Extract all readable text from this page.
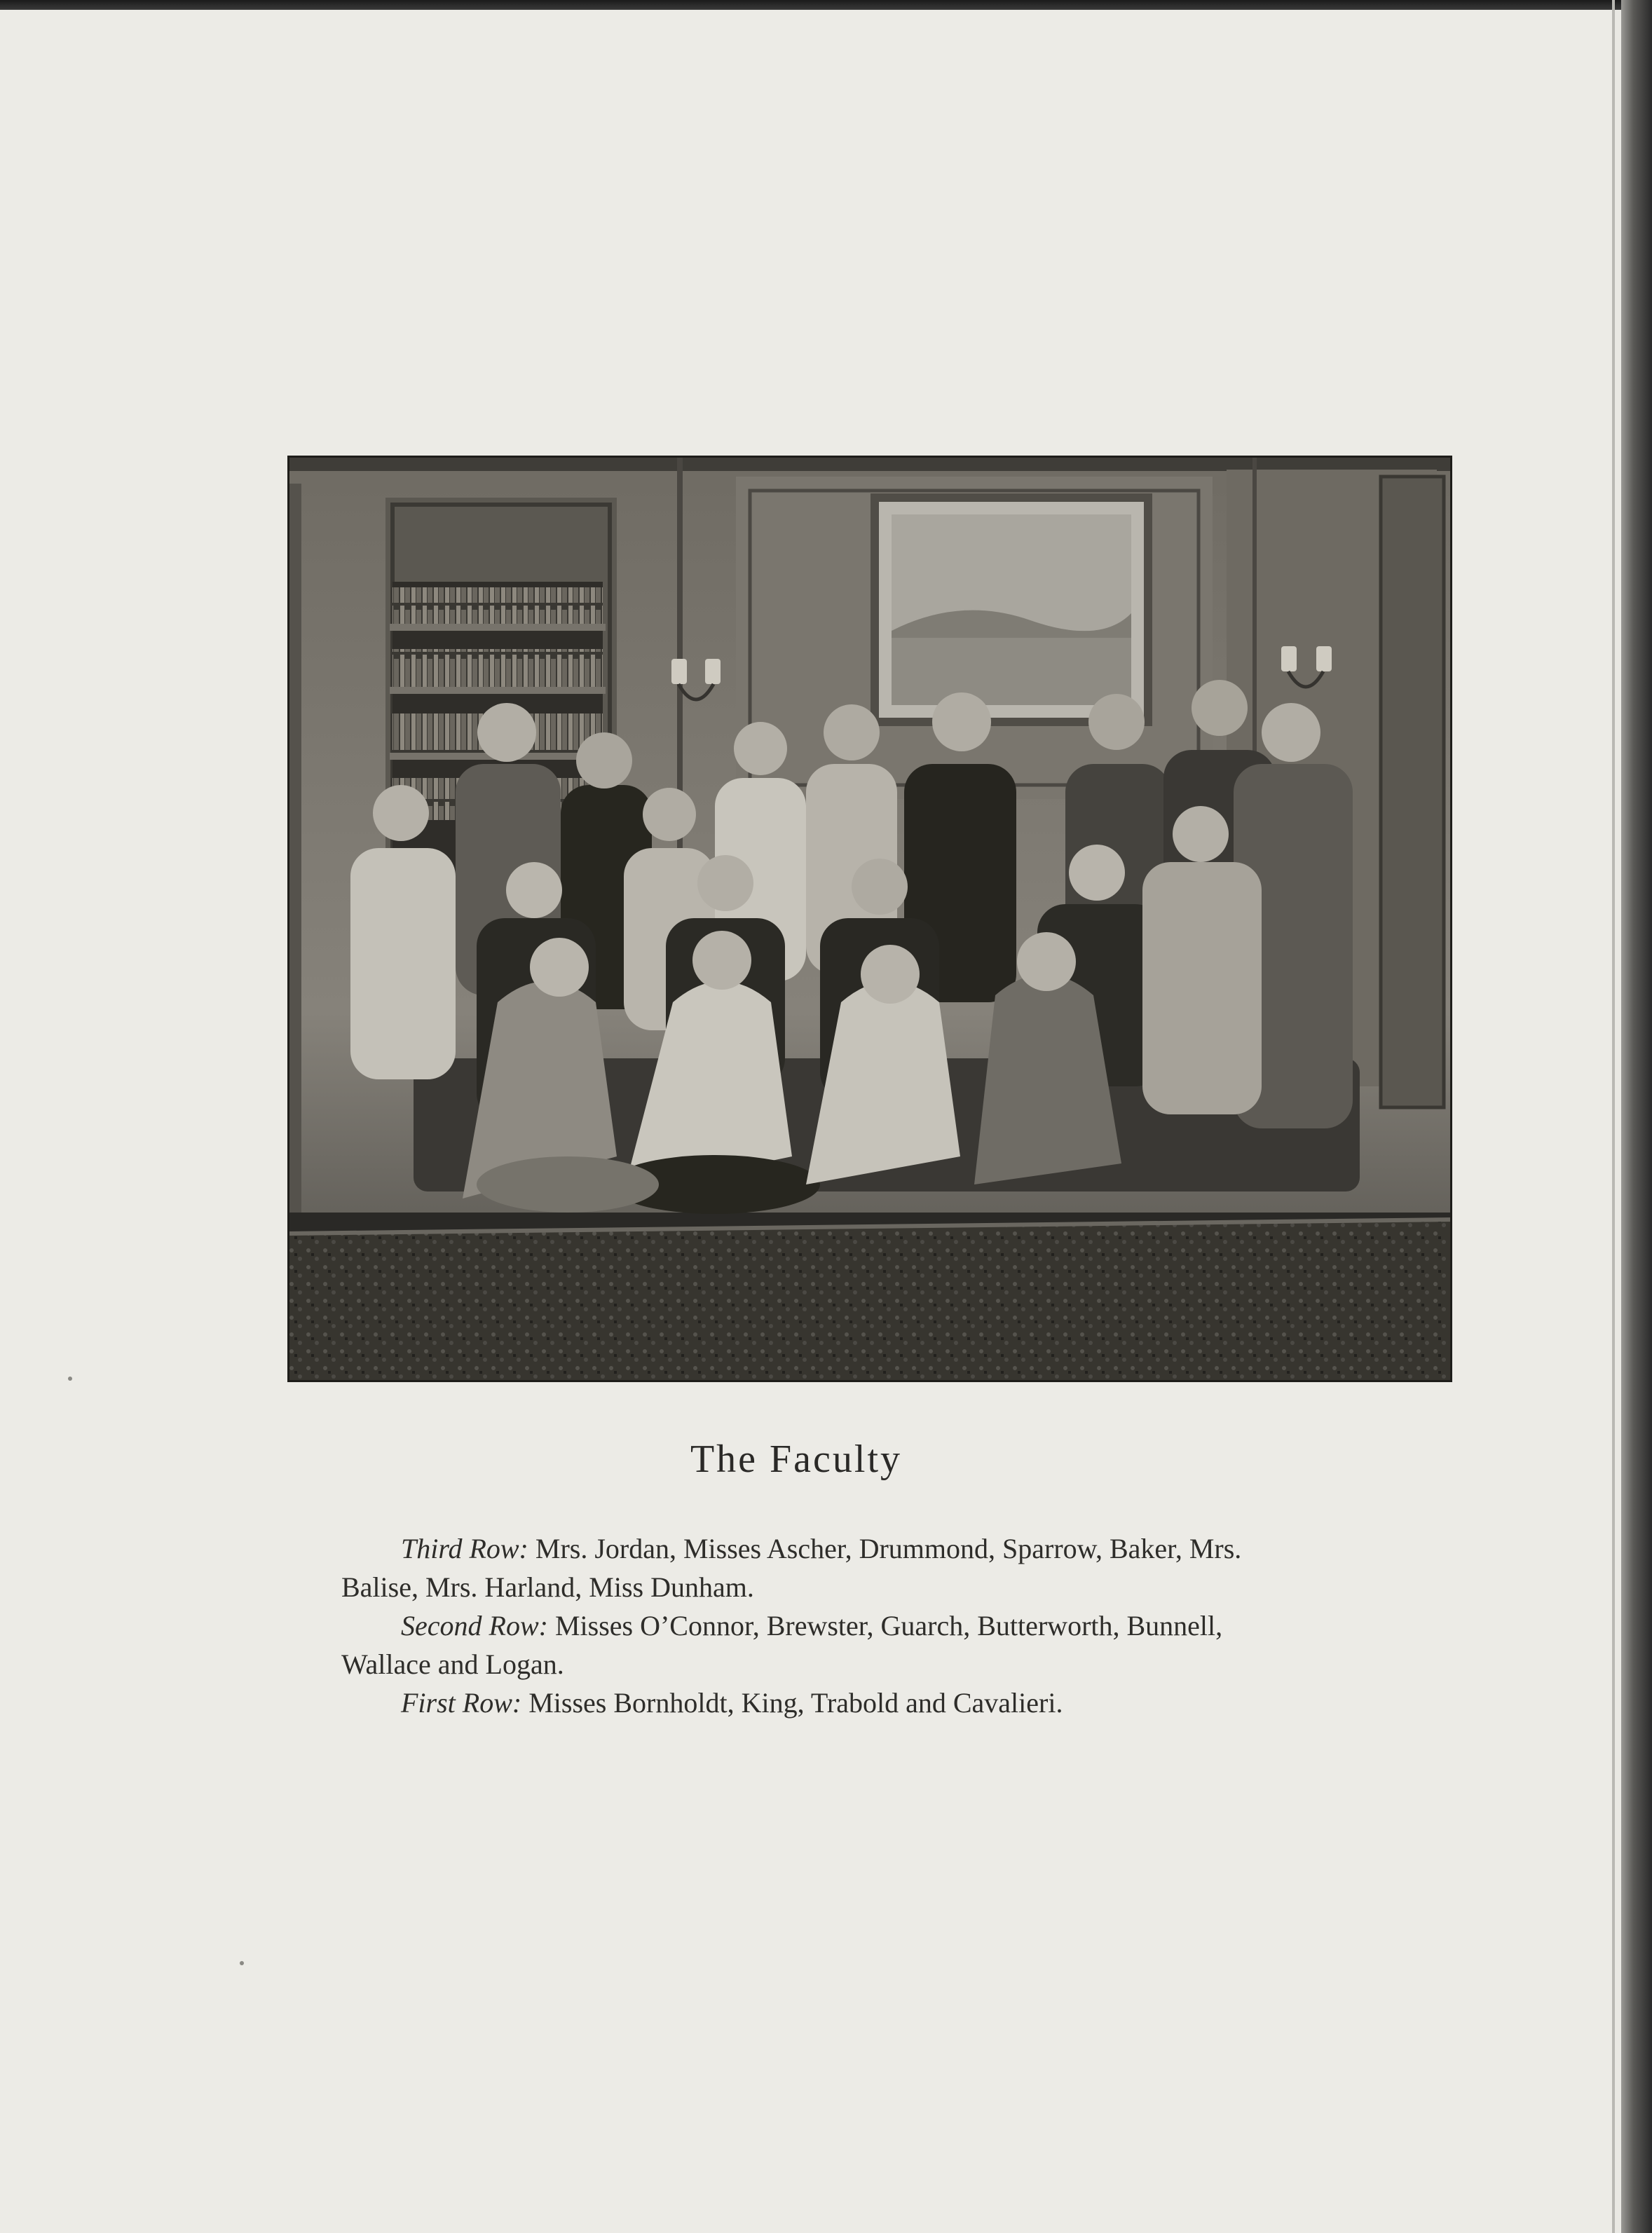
The Faculty

Third Row: Mrs. Jordan, Misses Ascher, Drummond, Sparrow, Baker, Mrs.

Balise, Mrs. Harland, Miss Dunham.

Second Row: Misses O’Connor, Brewster, Guarch, Butterworth, Bunnell,

Wallace and Logan.

First Row: Misses Bornholdt, King, Trabold and Cavalieri.
